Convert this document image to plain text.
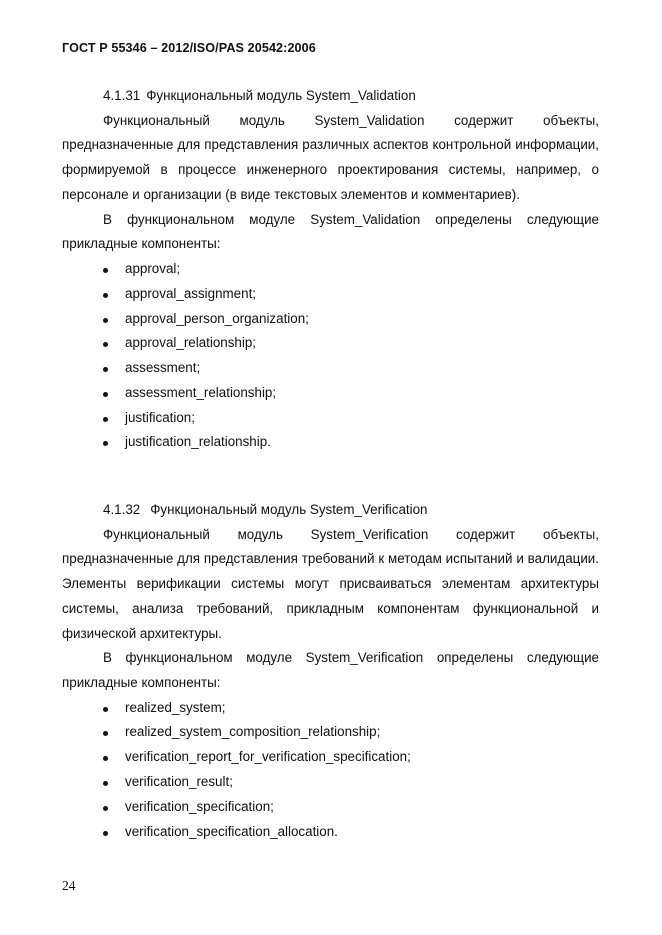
ГОСТ Р 55346 – 2012/ISO/PAS 20542:2006
4.1.31 Функциональный модуль System_Validation
Функциональный модуль System_Validation содержит объекты, предназначенные для представления различных аспектов контрольной информации, формируемой в процессе инженерного проектирования системы, например, о персонале и организации (в виде текстовых элементов и комментариев).
В функциональном модуле System_Validation определены следующие прикладные компоненты:
approval;
approval_assignment;
approval_person_organization;
approval_relationship;
assessment;
assessment_relationship;
justification;
justification_relationship.
4.1.32 Функциональный модуль System_Verification
Функциональный модуль System_Verification содержит объекты, предназначенные для представления требований к методам испытаний и валидации. Элементы верификации системы могут присваиваться элементам архитектуры системы, анализа требований, прикладным компонентам функциональной и физической архитектуры.
В функциональном модуле System_Verification определены следующие прикладные компоненты:
realized_system;
realized_system_composition_relationship;
verification_report_for_verification_specification;
verification_result;
verification_specification;
verification_specification_allocation.
24
